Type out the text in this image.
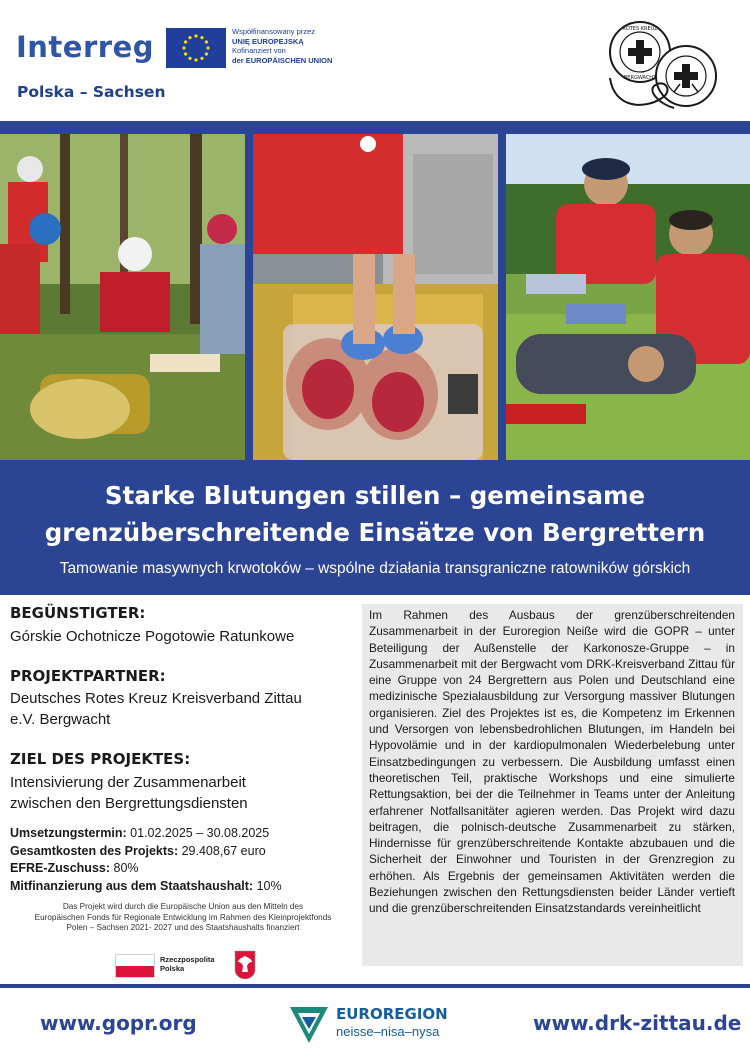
Interreg
Polska – Sachsen
Współfinansowany przez
UNIĘ EUROPEJSKĄ
Kofinanziert von
der EUROPÄISCHEN UNION
ROTES KREUZ
BERGWACHT
Starke Blutungen stillen – gemeinsame
grenzüberschreitende Einsätze von Bergrettern
Tamowanie masywnych krwotoków – wspólne działania transgraniczne ratowników górskich
BEGÜNSTIGTER:
Górskie Ochotnicze Pogotowie Ratunkowe
PROJEKTPARTNER:
Deutsches Rotes Kreuz Kreisverband Zittau
e.V. Bergwacht
ZIEL DES PROJEKTES:
Intensivierung der Zusammenarbeit
zwischen den Bergrettungsdiensten
Umsetzungstermin: 01.02.2025 – 30.08.2025
Gesamtkosten des Projekts: 29.408,67 euro
EFRE-Zuschuss: 80%
Mitfinanzierung aus dem Staatshaushalt: 10%
Das Projekt wird durch die Europäische Union aus den Mitteln des
Europäischen Fonds für Regionale Entwicklung im Rahmen des Kleinprojektfonds
Polen – Sachsen 2021- 2027 und des Staatshaushalts finanziert
Rzeczpospolita
Polska

Im Rahmen des Ausbaus der grenzüberschreitenden Zusammenarbeit in der Euroregion Neiße wird die GOPR – unter Beteiligung der Außenstelle der Karkonosze-Gruppe – in Zusammenarbeit mit der Bergwacht vom DRK-Kreisverband Zittau für eine Gruppe von 24 Bergrettern aus Polen und Deutschland eine medizinische Spezialausbildung zur Versorgung massiver Blutungen organisieren. Ziel des Projektes ist es, die Kompetenz im Erkennen und Versorgen von lebensbedrohlichen Blutungen, im Handeln bei Hypovolämie und in der kardiopulmonalen Wiederbelebung unter Einsatzbedingungen zu verbessern. Die Ausbildung umfasst einen theoretischen Teil, praktische Workshops und eine simulierte Rettungsaktion, bei der die Teilnehmer in Teams unter der Anleitung erfahrener Notfallsanitäter agieren werden. Das Projekt wird dazu beitragen, die polnisch-deutsche Zusammenarbeit zu stärken, Hindernisse für grenzüberschreitende Kontakte abzubauen und die Sicherheit der Einwohner und Touristen in der Grenzregion zu erhöhen. Als Ergebnis der gemeinsamen Aktivitäten werden die Beziehungen zwischen den Rettungsdiensten beider Länder vertieft und die grenzüberschreitenden Einsatzstandards vereinheitlicht

www.gopr.org	EUROREGION
neisse–nisa–nysa	www.drk-zittau.de
